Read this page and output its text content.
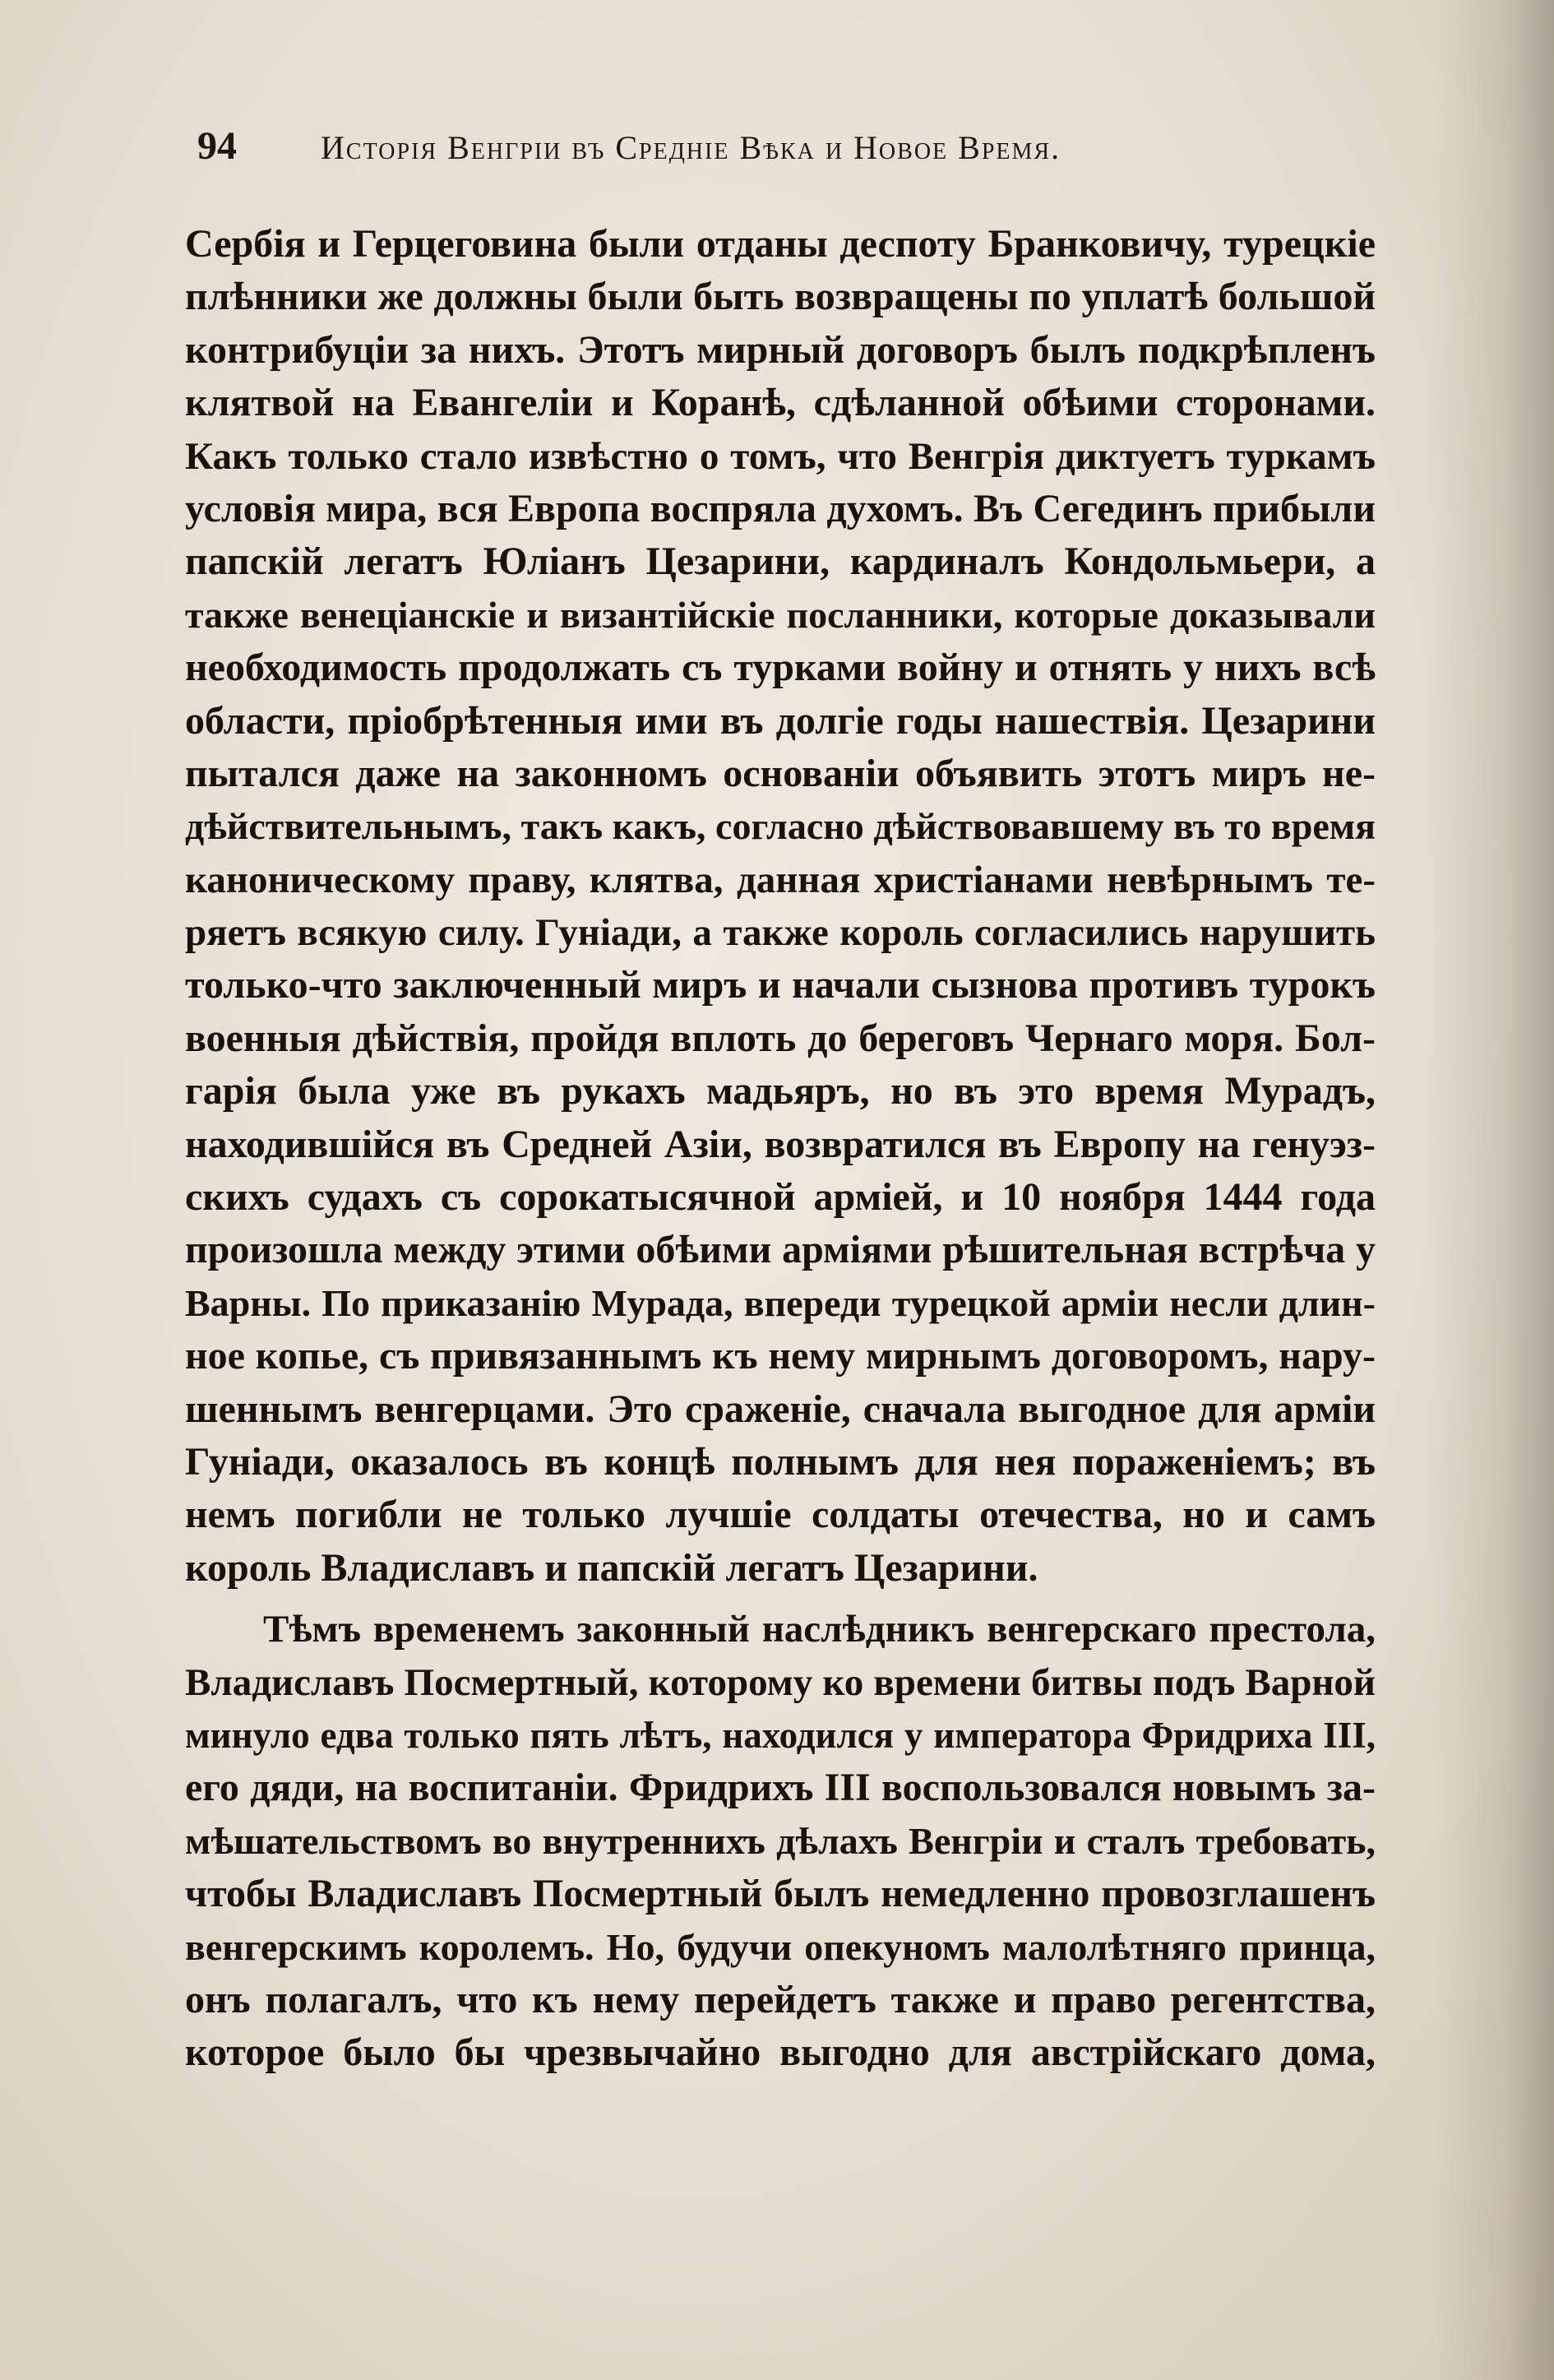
94	Исторія Венгріи въ Средніе Вѣка и Новое Время.
Сербія и Герцеговина были отданы деспоту Бранковичу, турецкіе
плѣнники же должны были быть возвращены по уплатѣ большой
контрибуціи за нихъ. Этотъ мирный договоръ былъ подкрѣпленъ
клятвой на Евангеліи и Коранѣ, сдѣланной обѣими сторонами.
Какъ только стало извѣстно о томъ, что Венгрія диктуетъ туркамъ
условія мира, вся Европа воспряла духомъ. Въ Сегединъ прибыли
папскій легатъ Юліанъ Цезарини, кардиналъ Кондольмьери, а
также венеціанскіе и византійскіе посланники, которые доказывали
необходимость продолжать съ турками войну и отнять у нихъ всѣ
области, пріобрѣтенныя ими въ долгіе годы нашествія. Цезарини
пытался даже на законномъ основаніи объявить этотъ миръ не-
дѣйствительнымъ, такъ какъ, согласно дѣйствовавшему въ то время
каноническому праву, клятва, данная христіанами невѣрнымъ те-
ряетъ всякую силу. Гуніади, а также король согласились нарушить
только-что заключенный миръ и начали сызнова противъ турокъ
военныя дѣйствія, пройдя вплоть до береговъ Чернаго моря. Бол-
гарія была уже въ рукахъ мадьяръ, но въ это время Мурадъ,
находившійся въ Средней Азіи, возвратился въ Европу на генуэз-
скихъ судахъ съ сорокатысячной арміей, и 10 ноября 1444 года
произошла между этими обѣими арміями рѣшительная встрѣча у
Варны. По приказанію Мурада, впереди турецкой арміи несли длин-
ное копье, съ привязаннымъ къ нему мирнымъ договоромъ, нару-
шеннымъ венгерцами. Это сраженіе, сначала выгодное для арміи
Гуніади, оказалось въ концѣ полнымъ для нея пораженіемъ; въ
немъ погибли не только лучшіе солдаты отечества, но и самъ
король Владиславъ и папскій легатъ Цезарини.
Тѣмъ временемъ законный наслѣдникъ венгерскаго престола,
Владиславъ Посмертный, которому ко времени битвы подъ Варной
минуло едва только пять лѣтъ, находился у императора Фридриха III,
его дяди, на воспитаніи. Фридрихъ III воспользовался новымъ за-
мѣшательствомъ во внутреннихъ дѣлахъ Венгріи и сталъ требовать,
чтобы Владиславъ Посмертный былъ немедленно провозглашенъ
венгерскимъ королемъ. Но, будучи опекуномъ малолѣтняго принца,
онъ полагалъ, что къ нему перейдетъ также и право регентства,
которое было бы чрезвычайно выгодно для австрійскаго дома,
